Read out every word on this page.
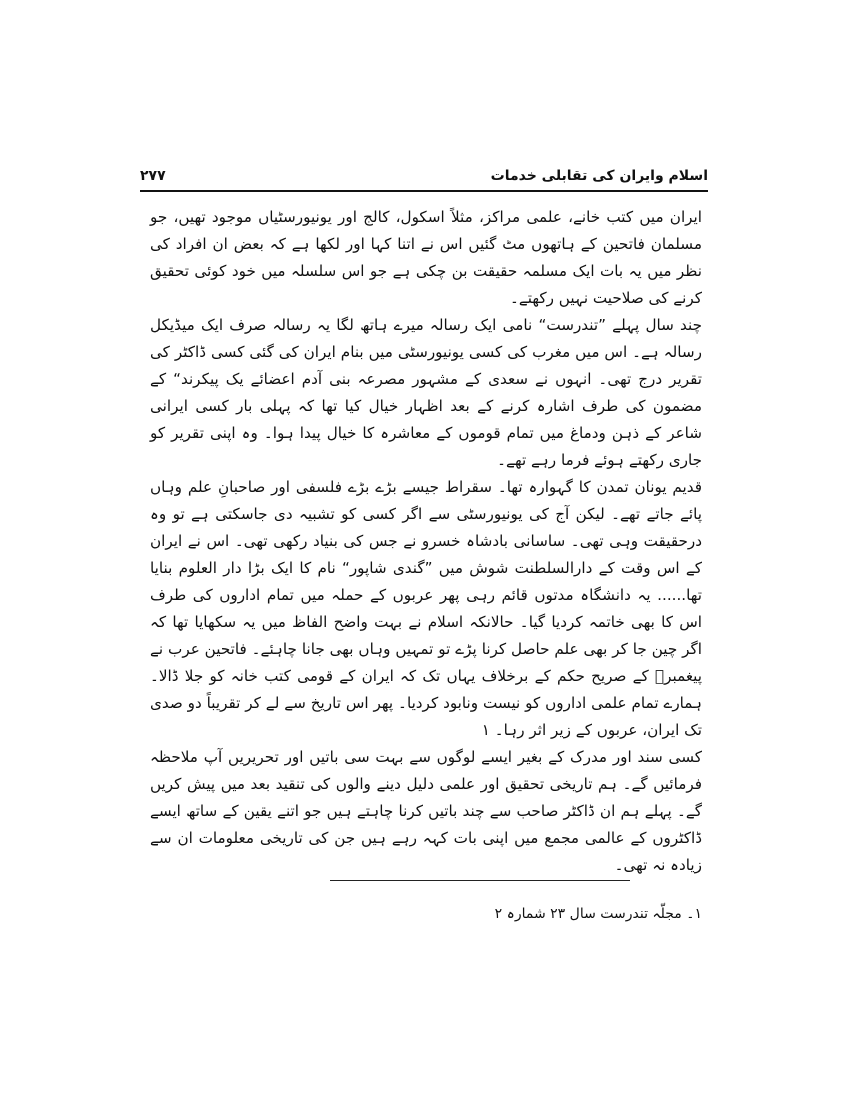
اسلام وایران کی تقابلی خدمات
۲۷۷

ایران میں کتب خانے، علمی مراکز، مثلاً اسکول، کالج اور یونیورسٹیاں موجود تھیں، جو مسلمان فاتحین کے ہاتھوں مٹ گئیں اس نے اتنا کہا اور لکھا ہے کہ بعض ان افراد کی نظر میں یہ بات ایک مسلمہ حقیقت بن چکی ہے جو اس سلسلہ میں خود کوئی تحقیق کرنے کی صلاحیت نہیں رکھتے۔

چند سال پہلے ”تندرست“ نامی ایک رسالہ میرے ہاتھ لگا یہ رسالہ صرف ایک میڈیکل رسالہ ہے۔ اس میں مغرب کی کسی یونیورسٹی میں بنام ایران کی گئی کسی ڈاکٹر کی تقریر درج تھی۔ انہوں نے سعدی کے مشہور مصرعہ بنی آدم اعضائے یک پیکرند“ کے مضمون کی طرف اشارہ کرنے کے بعد اظہار خیال کیا تھا کہ پہلی بار کسی ایرانی شاعر کے ذہن ودماغ میں تمام قوموں کے معاشرہ کا خیال پیدا ہوا۔ وہ اپنی تقریر کو جاری رکھتے ہوئے فرما رہے تھے۔

قدیم یونان تمدن کا گہوارہ تھا۔ سقراط جیسے بڑے بڑے فلسفی اور صاحبانِ علم وہاں پائے جاتے تھے۔ لیکن آج کی یونیورسٹی سے اگر کسی کو تشبیہ دی جاسکتی ہے تو وہ درحقیقت وہی تھی۔ ساسانی بادشاہ خسرو نے جس کی بنیاد رکھی تھی۔ اس نے ایران کے اس وقت کے دارالسلطنت شوش میں ”گندی شاپور“ نام کا ایک بڑا دار العلوم بنایا تھا...... یہ دانشگاہ مدتوں قائم رہی پھر عربوں کے حملہ میں تمام اداروں کی طرف اس کا بھی خاتمہ کردیا گیا۔ حالانکہ اسلام نے بہت واضح الفاظ میں یہ سکھایا تھا کہ اگر چین جا کر بھی علم حاصل کرنا پڑے تو تمہیں وہاں بھی جانا چاہئے۔ فاتحین عرب نے پیغمبرؐ کے صریح حکم کے برخلاف یہاں تک کہ ایران کے قومی کتب خانہ کو جلا ڈالا۔ ہمارے تمام علمی اداروں کو نیست ونابود کردیا۔ پھر اس تاریخ سے لے کر تقریباً دو صدی تک ایران، عربوں کے زیر اثر رہا۔ ۱

کسی سند اور مدرک کے بغیر ایسے لوگوں سے بہت سی باتیں اور تحریریں آپ ملاحظہ فرمائیں گے۔ ہم تاریخی تحقیق اور علمی دلیل دینے والوں کی تنقید بعد میں پیش کریں گے۔ پہلے ہم ان ڈاکٹر صاحب سے چند باتیں کرنا چاہتے ہیں جو اتنے یقین کے ساتھ ایسے ڈاکٹروں کے عالمی مجمع میں اپنی بات کہہ رہے ہیں جن کی تاریخی معلومات ان سے زیادہ نہ تھی۔

۱۔ مجلّہ تندرست سال ۲۳ شمارہ ۲
